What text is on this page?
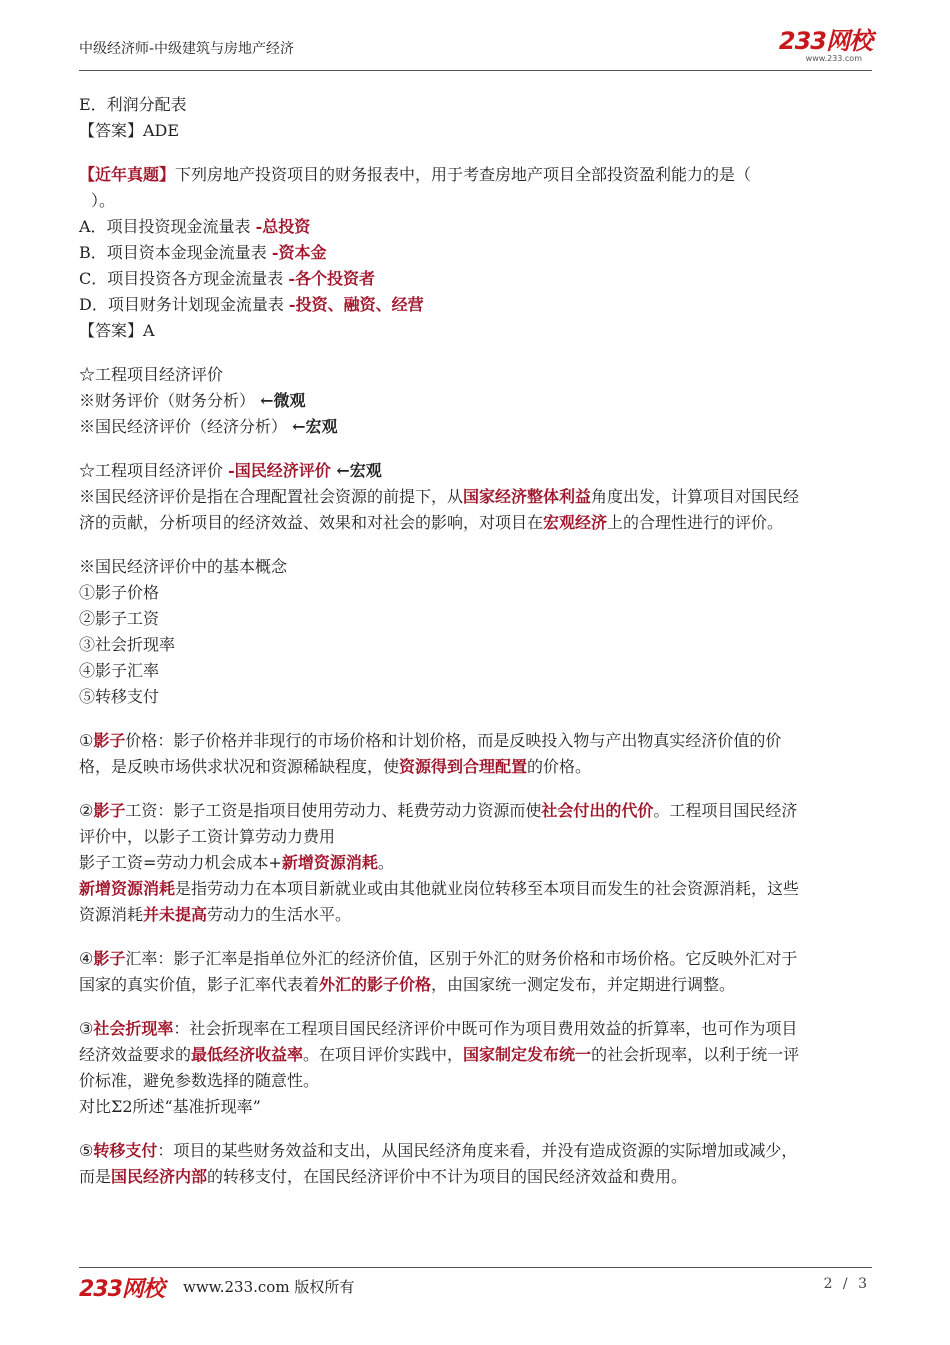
中级经济师-中级建筑与房地产经济	233网校
www.233.com

E．利润分配表

【答案】ADE

【近年真题】下列房地产投资项目的财务报表中，用于考查房地产项目全部投资盈利能力的是（

）。

A．项目投资现金流量表 -总投资

B．项目资本金现金流量表 -资本金

C．项目投资各方现金流量表 -各个投资者

D．项目财务计划现金流量表 -投资、融资、经营

【答案】A

☆工程项目经济评价

※财务评价（财务分析） ←微观

※国民经济评价（经济分析） ←宏观

☆工程项目经济评价 -国民经济评价 ←宏观

※国民经济评价是指在合理配置社会资源的前提下，从国家经济整体利益角度出发，计算项目对国民经

济的贡献，分析项目的经济效益、效果和对社会的影响，对项目在宏观经济上的合理性进行的评价。

※国民经济评价中的基本概念

①影子价格

②影子工资

③社会折现率

④影子汇率

⑤转移支付

①影子价格：影子价格并非现行的市场价格和计划价格，而是反映投入物与产出物真实经济价值的价

格，是反映市场供求状况和资源稀缺程度，使资源得到合理配置的价格。

②影子工资：影子工资是指项目使用劳动力、耗费劳动力资源而使社会付出的代价。工程项目国民经济

评价中，以影子工资计算劳动力费用

影子工资=劳动力机会成本+新增资源消耗。

新增资源消耗是指劳动力在本项目新就业或由其他就业岗位转移至本项目而发生的社会资源消耗，这些

资源消耗并未提高劳动力的生活水平。

④影子汇率：影子汇率是指单位外汇的经济价值，区别于外汇的财务价格和市场价格。它反映外汇对于

国家的真实价值，影子汇率代表着外汇的影子价格，由国家统一测定发布，并定期进行调整。

③社会折现率：社会折现率在工程项目国民经济评价中既可作为项目费用效益的折算率，也可作为项目

经济效益要求的最低经济收益率。在项目评价实践中，国家制定发布统一的社会折现率，以利于统一评

价标准，避免参数选择的随意性。

对比Σ2所述“基准折现率”

⑤转移支付：项目的某些财务效益和支出，从国民经济角度来看，并没有造成资源的实际增加或减少，

而是国民经济内部的转移支付，在国民经济评价中不计为项目的国民经济效益和费用。

233网校 www.233.com 版权所有	2 / 3
